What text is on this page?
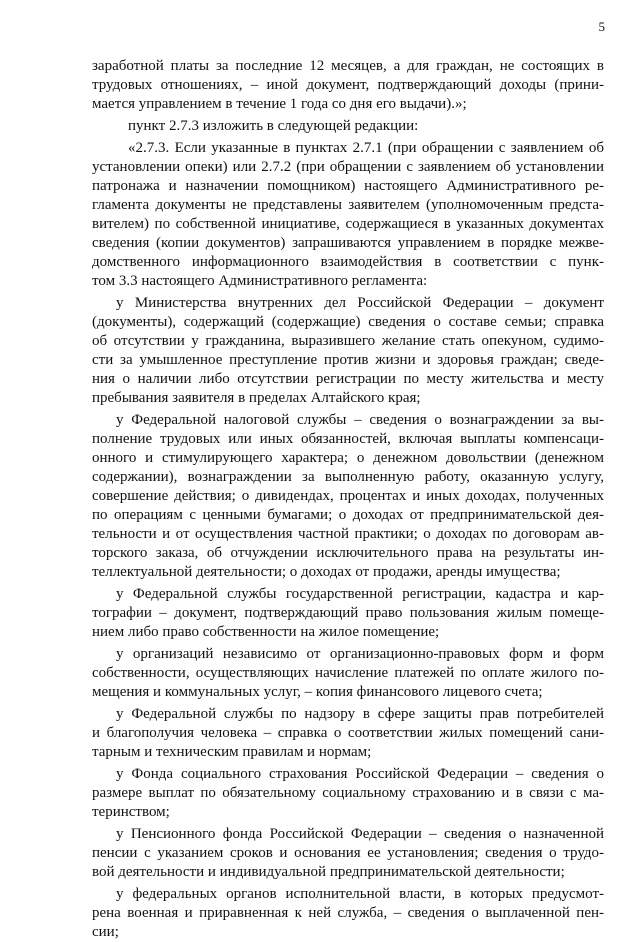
5
заработной платы за последние 12 месяцев, а для граждан, не состоящих в
трудовых отношениях, – иной документ, подтверждающий доходы (прини-
мается управлением в течение 1 года со дня его выдачи).»;
пункт 2.7.3 изложить в следующей редакции:
«2.7.3. Если указанные в пунктах 2.7.1 (при обращении с заявлением об
установлении опеки) или 2.7.2 (при обращении с заявлением об установлении
патронажа и назначении помощником) настоящего Административного ре-
гламента документы не представлены заявителем (уполномоченным предста-
вителем) по собственной инициативе, содержащиеся в указанных документах
сведения (копии документов) запрашиваются управлением в порядке межве-
домственного информационного взаимодействия в соответствии с пунк-
том 3.3 настоящего Административного регламента:
у Министерства внутренних дел Российской Федерации – документ
(документы), содержащий (содержащие) сведения о составе семьи; справка
об отсутствии у гражданина, выразившего желание стать опекуном, судимо-
сти за умышленное преступление против жизни и здоровья граждан; сведе-
ния о наличии либо отсутствии регистрации по месту жительства и месту
пребывания заявителя в пределах Алтайского края;
у Федеральной налоговой службы – сведения о вознаграждении за вы-
полнение трудовых или иных обязанностей, включая выплаты компенсаци-
онного и стимулирующего характера; о денежном довольствии (денежном
содержании), вознаграждении за выполненную работу, оказанную услугу,
совершение действия; о дивидендах, процентах и иных доходах, полученных
по операциям с ценными бумагами; о доходах от предпринимательской дея-
тельности и от осуществления частной практики; о доходах по договорам ав-
торского заказа, об отчуждении исключительного права на результаты ин-
теллектуальной деятельности; о доходах от продажи, аренды имущества;
у Федеральной службы государственной регистрации, кадастра и кар-
тографии – документ, подтверждающий право пользования жилым помеще-
нием либо право собственности на жилое помещение;
у организаций независимо от организационно-правовых форм и форм
собственности, осуществляющих начисление платежей по оплате жилого по-
мещения и коммунальных услуг, – копия финансового лицевого счета;
у Федеральной службы по надзору в сфере защиты прав потребителей
и благополучия человека – справка о соответствии жилых помещений сани-
тарным и техническим правилам и нормам;
у Фонда социального страхования Российской Федерации – сведения о
размере выплат по обязательному социальному страхованию и в связи с ма-
теринством;
у Пенсионного фонда Российской Федерации – сведения о назначенной
пенсии с указанием сроков и основания ее установления; сведения о трудо-
вой деятельности и индивидуальной предпринимательской деятельности;
у федеральных органов исполнительной власти, в которых предусмот-
рена военная и приравненная к ней служба, – сведения о выплаченной пен-
сии;
